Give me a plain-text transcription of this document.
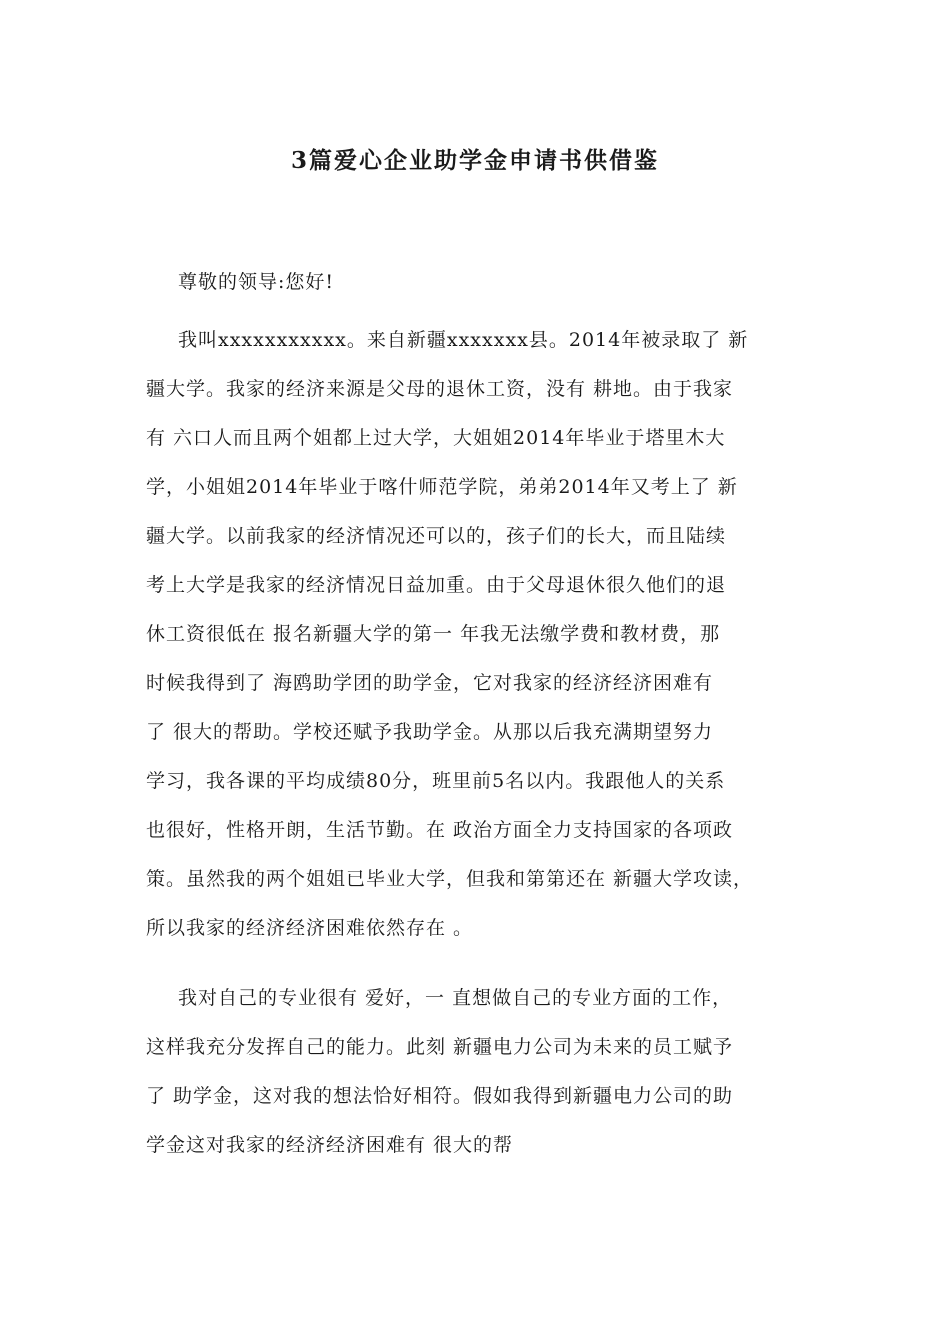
3篇爱心企业助学金申请书供借鉴
尊敬的领导:您好!
我叫xxxxxxxxxxx。来自新疆xxxxxxx县。2014年被录取了 新
疆大学。我家的经济来源是父母的退休工资，没有 耕地。由于我家
有 六口人而且两个姐都上过大学，大姐姐2014年毕业于塔里木大
学，小姐姐2014年毕业于喀什师范学院，弟弟2014年又考上了 新
疆大学。以前我家的经济情况还可以的，孩子们的长大，而且陆续
考上大学是我家的经济情况日益加重。由于父母退休很久他们的退
休工资很低在 报名新疆大学的第一 年我无法缴学费和教材费，那
时候我得到了 海鸥助学团的助学金，它对我家的经济经济困难有
了 很大的帮助。学校还赋予我助学金。从那以后我充满期望努力
学习，我各课的平均成绩80分，班里前5名以内。我跟他人的关系
也很好，性格开朗，生活节勤。在 政治方面全力支持国家的各项政
策。虽然我的两个姐姐已毕业大学，但我和第第还在 新疆大学攻读，
所以我家的经济经济困难依然存在 。
我对自己的专业很有 爱好，一 直想做自己的专业方面的工作，
这样我充分发挥自己的能力。此刻 新疆电力公司为未来的员工赋予
了 助学金，这对我的想法恰好相符。假如我得到新疆电力公司的助
学金这对我家的经济经济困难有 很大的帮
